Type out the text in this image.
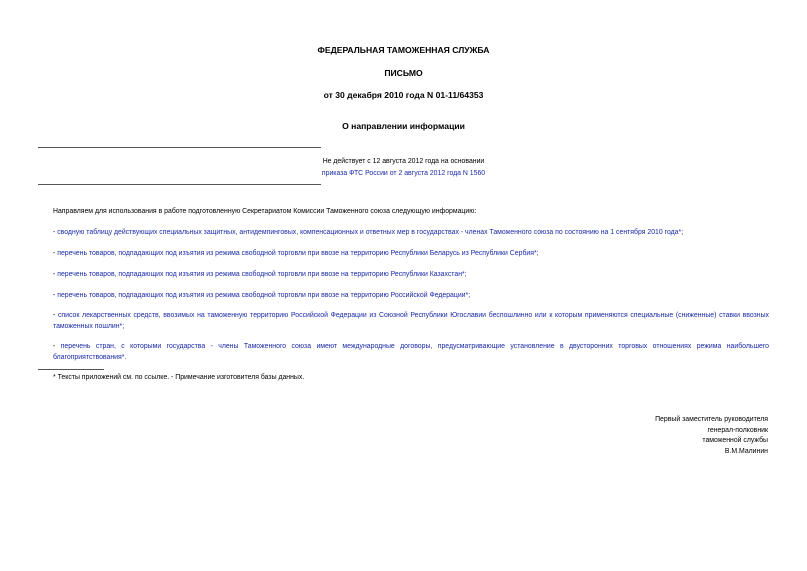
ФЕДЕРАЛЬНАЯ ТАМОЖЕННАЯ СЛУЖБА
ПИСЬМО
от 30 декабря 2010 года N 01-11/64353
О направлении информации
Не действует с 12 августа 2012 года на основании
приказа ФТС России от 2 августа 2012 года N 1560
Направляем для использования в работе подготовленную Секретариатом Комиссии Таможенного союза следующую информацию:
- сводную таблицу действующих специальных защитных, антидемпинговых, компенсационных и ответных мер в государствах - членах Таможенного союза по состоянию на 1 сентября 2010 года*;
- перечень товаров, подпадающих под изъятия из режима свободной торговли при ввозе на территорию Республики Беларусь из Республики Сербия*;
- перечень товаров, подпадающих под изъятия из режима свободной торговли при ввозе на территорию Республики Казахстан*;
- перечень товаров, подпадающих под изъятия из режима свободной торговли при ввозе на территорию Российской Федерации*;
- список лекарственных средств, ввозимых на таможенную территорию Российской Федерации из Союзной Республики Югославии беспошлинно или к которым применяются специальные (сниженные) ставки ввозных таможенных пошлин*;
- перечень стран, с которыми государства - члены Таможенного союза имеют международные договоры, предусматривающие установление в двусторонних торговых отношениях режима наибольшего благоприятствования*.
* Тексты приложений см. по ссылке. - Примечание изготовителя базы данных.
Первый заместитель руководителя
генерал-полковник
таможенной службы
В.М.Малинин
